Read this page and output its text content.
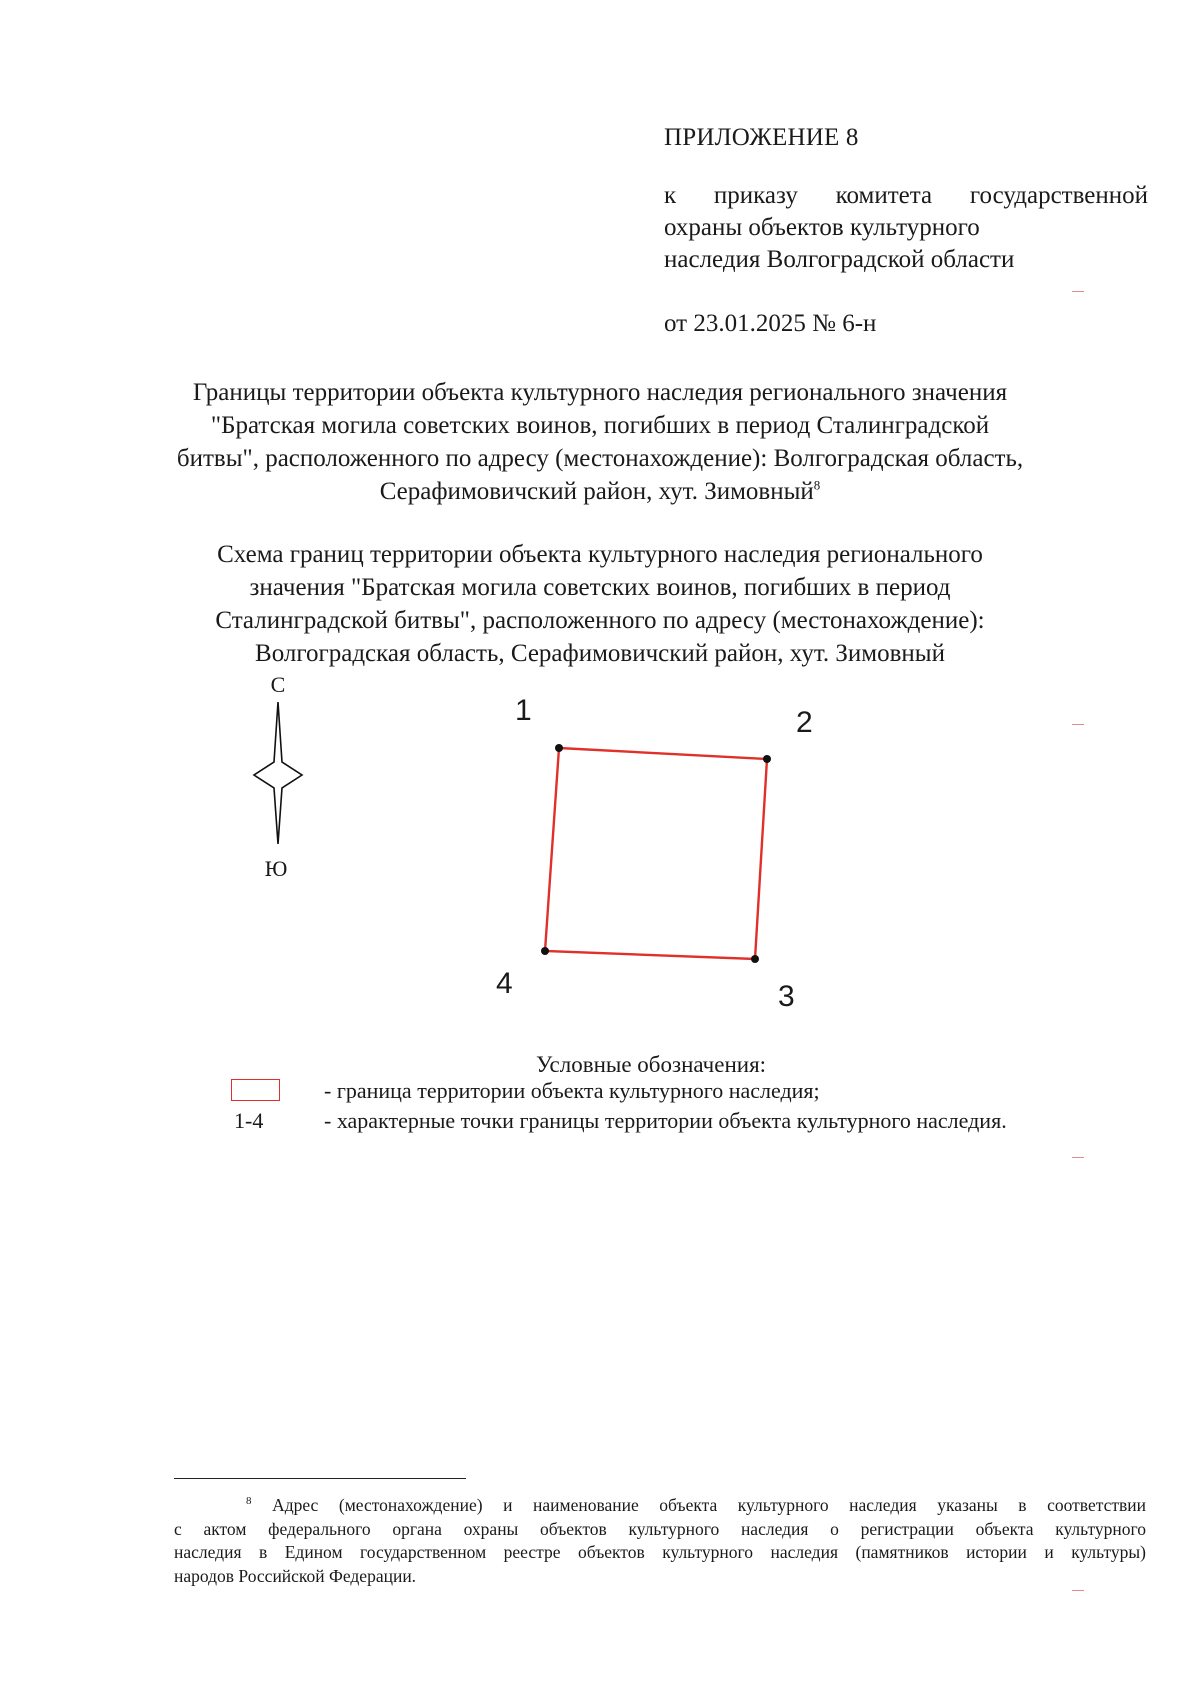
ПРИЛОЖЕНИЕ 8
к приказу комитета государственной
охраны объектов культурного
наследия Волгоградской области
от 23.01.2025 № 6-н
Границы территории объекта культурного наследия регионального значения
"Братская могила советских воинов, погибших в период Сталинградской
битвы", расположенного по адресу (местонахождение): Волгоградская область,
Серафимовичский район, хут. Зимовный$^8$
Схема границ территории объекта культурного наследия регионального
значения "Братская могила советских воинов, погибших в период
Сталинградской битвы", расположенного по адресу (местонахождение):
Волгоградская область, Серафимовичский район, хут. Зимовный
С
Ю
1	2
3
4
Условные обозначения:
- граница территории объекта культурного наследия;
1-4	- характерные точки границы территории объекта культурного наследия.
$^8$ Адрес (местонахождение) и наименование объекта культурного наследия указаны в соответствии
с актом федерального органа охраны объектов культурного наследия о регистрации объекта культурного
наследия в Едином государственном реестре объектов культурного наследия (памятников истории и культуры)
народов Российской Федерации.
